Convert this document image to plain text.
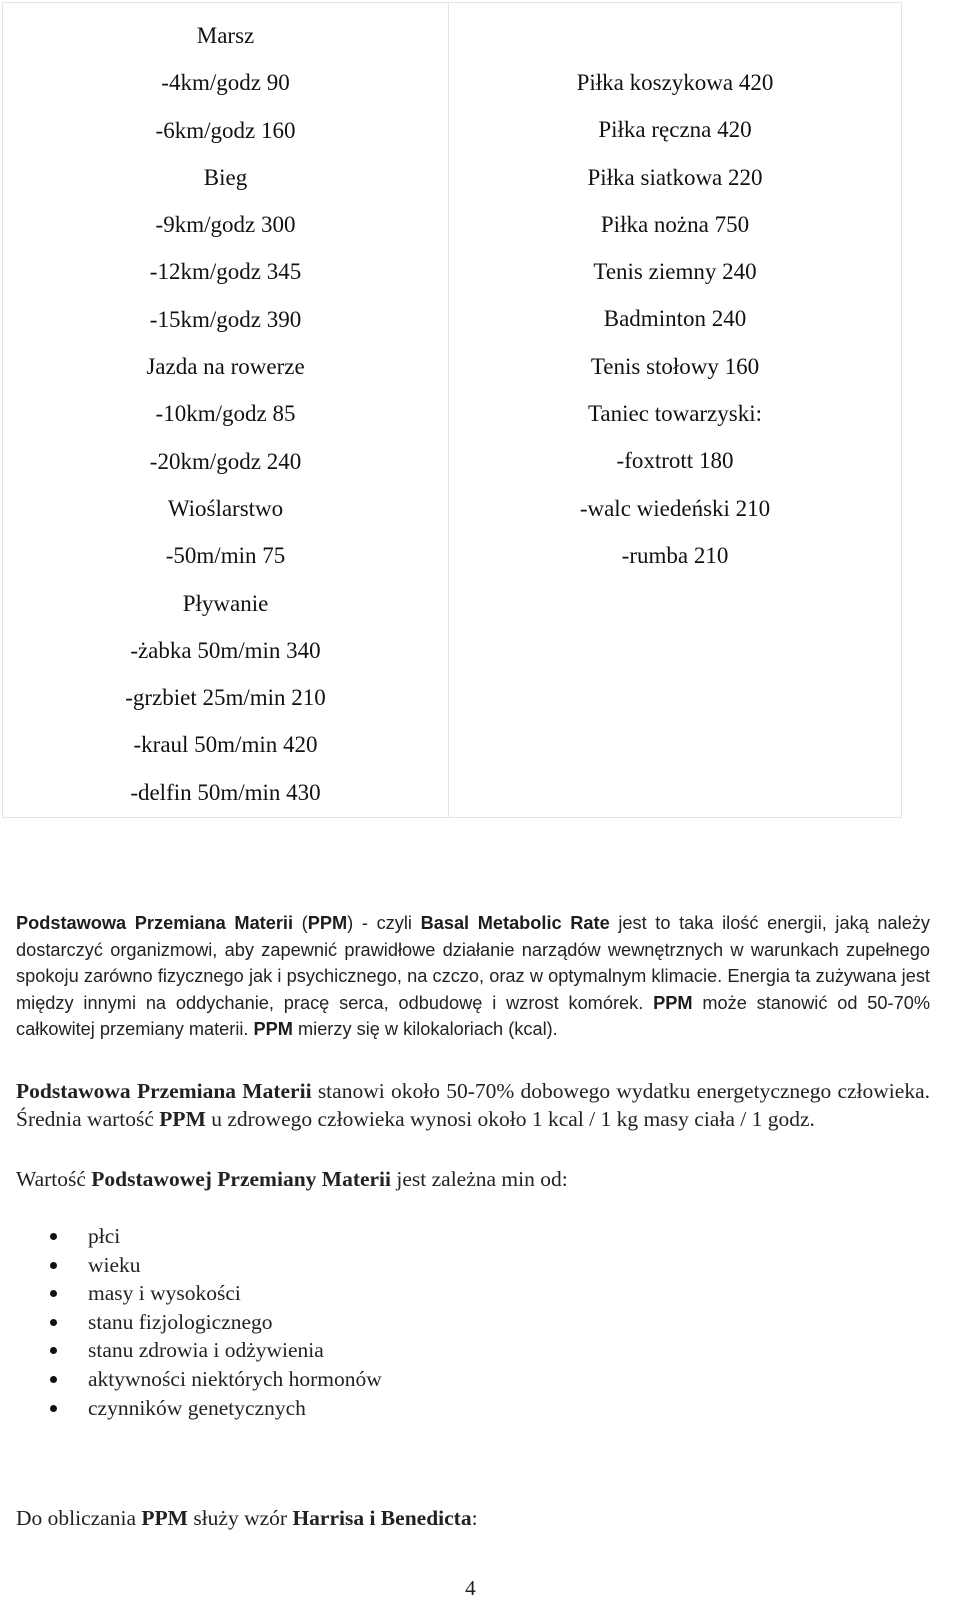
Marsz
-4km/godz 90
-6km/godz 160
Bieg
-9km/godz 300
-12km/godz 345
-15km/godz 390
Jazda na rowerze
-10km/godz 85
-20km/godz 240
Wioślarstwo
-50m/min 75
Pływanie
-żabka 50m/min 340
-grzbiet 25m/min 210
-kraul 50m/min 420
-delfin 50m/min 430
Piłka koszykowa 420
Piłka ręczna 420
Piłka siatkowa 220
Piłka nożna 750
Tenis ziemny 240
Badminton 240
Tenis stołowy 160
Taniec towarzyski:
-foxtrott 180
-walc wiedeński 210
-rumba 210
Podstawowa Przemiana Materii (PPM) - czyli Basal Metabolic Rate jest to taka ilość energii, jaką należy dostarczyć organizmowi, aby zapewnić prawidłowe działanie narządów wewnętrznych w warunkach zupełnego spokoju zarówno fizycznego jak i psychicznego, na czczo, oraz w optymalnym klimacie. Energia ta zużywana jest między innymi na oddychanie, pracę serca, odbudowę i wzrost komórek. PPM może stanowić od 50-70% całkowitej przemiany materii. PPM mierzy się w kilokaloriach (kcal).
Podstawowa Przemiana Materii stanowi około 50-70% dobowego wydatku energetycznego człowieka. Średnia wartość PPM u zdrowego człowieka wynosi około 1 kcal / 1 kg masy ciała / 1 godz.
Wartość Podstawowej Przemiany Materii jest zależna min od:
płci
wieku
masy i wysokości
stanu fizjologicznego
stanu zdrowia i odżywienia
aktywności niektórych hormonów
czynników genetycznych
Do obliczania PPM służy wzór Harrisa i Benedicta:
4
